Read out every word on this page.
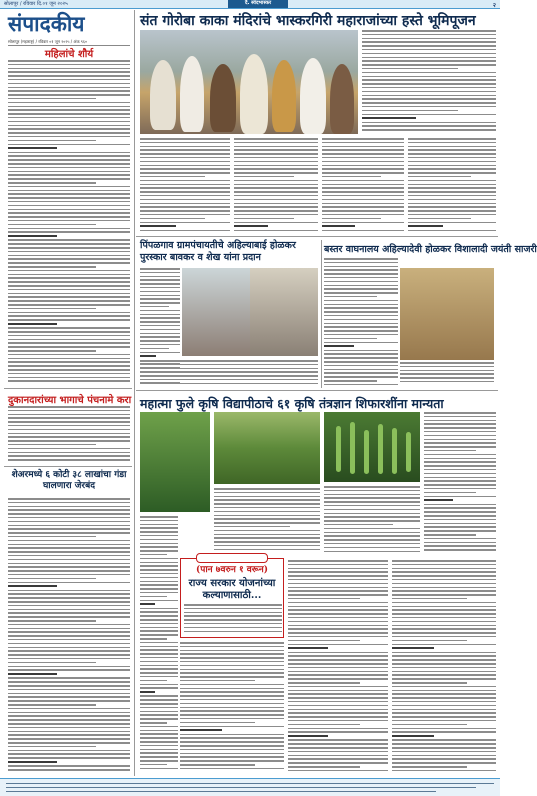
सोलापूर / रविवार दि.०१ जून २०२५	दै. स्वेदभास्कर	२
संपादकीय
सोलापूर (महाराष्ट्र) / रविवार ०१ जून २०२५ / अंक ९६०
संत गोरोबा काका मंदिरांचे भास्करगिरी महाराजांच्या हस्ते भूमिपूजन
महिलांचे शौर्य
पिंपळगाव ग्रामपंचायतीचे अहिल्याबाई होळकर पुरस्कार बावकर व शेख यांना प्रदान
बस्तर वाघनालय अहिल्यादेवी होळकर विशालादी जयंती साजरी
दुकानदारांच्या भागाचे पंचनामे करा
शेअरमध्ये ६ कोटी ३८ लाखांचा गंडा घालणारा जेरबंद
महात्मा फुले कृषि विद्यापीठाचे ६१ कृषि तंत्रज्ञान शिफारशींना मान्यता
(पान ७वरुन १ वरून)
राज्य सरकार योजनांच्या कल्याणासाठी...
